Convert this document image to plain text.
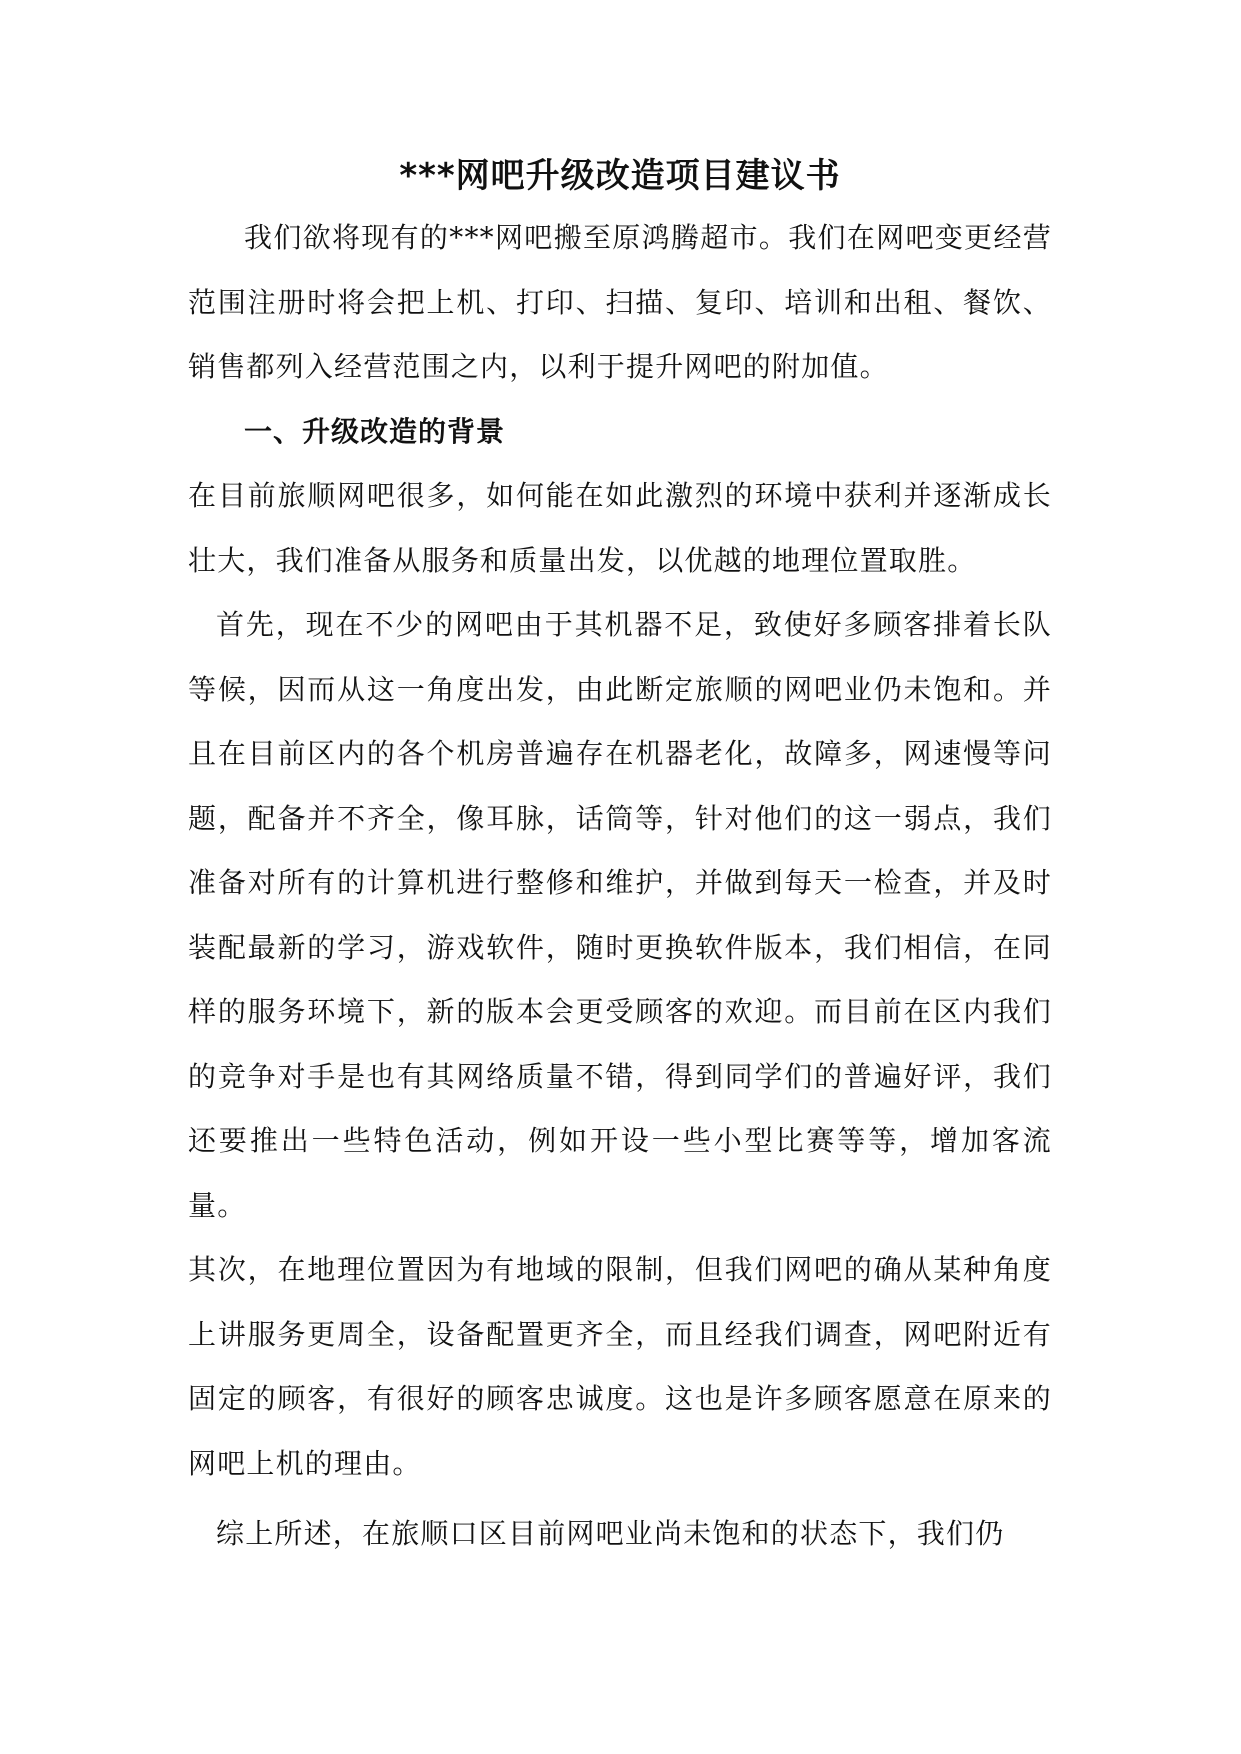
***网吧升级改造项目建议书

我们欲将现有的***网吧搬至原鸿腾超市。我们在网吧变更经营范围注册时将会把上机、打印、扫描、复印、培训和出租、餐饮、销售都列入经营范围之内，以利于提升网吧的附加值。

一、升级改造的背景

在目前旅顺网吧很多，如何能在如此激烈的环境中获利并逐渐成长壮大，我们准备从服务和质量出发，以优越的地理位置取胜。

首先，现在不少的网吧由于其机器不足，致使好多顾客排着长队等候，因而从这一角度出发，由此断定旅顺的网吧业仍未饱和。并且在目前区内的各个机房普遍存在机器老化，故障多，网速慢等问题，配备并不齐全，像耳脉，话筒等，针对他们的这一弱点，我们准备对所有的计算机进行整修和维护，并做到每天一检查，并及时装配最新的学习，游戏软件，随时更换软件版本，我们相信，在同样的服务环境下，新的版本会更受顾客的欢迎。而目前在区内我们的竞争对手是也有其网络质量不错，得到同学们的普遍好评，我们还要推出一些特色活动，例如开设一些小型比赛等等，增加客流量。

其次，在地理位置因为有地域的限制，但我们网吧的确从某种角度上讲服务更周全，设备配置更齐全，而且经我们调查，网吧附近有固定的顾客，有很好的顾客忠诚度。这也是许多顾客愿意在原来的网吧上机的理由。

综上所述，在旅顺口区目前网吧业尚未饱和的状态下，我们仍
